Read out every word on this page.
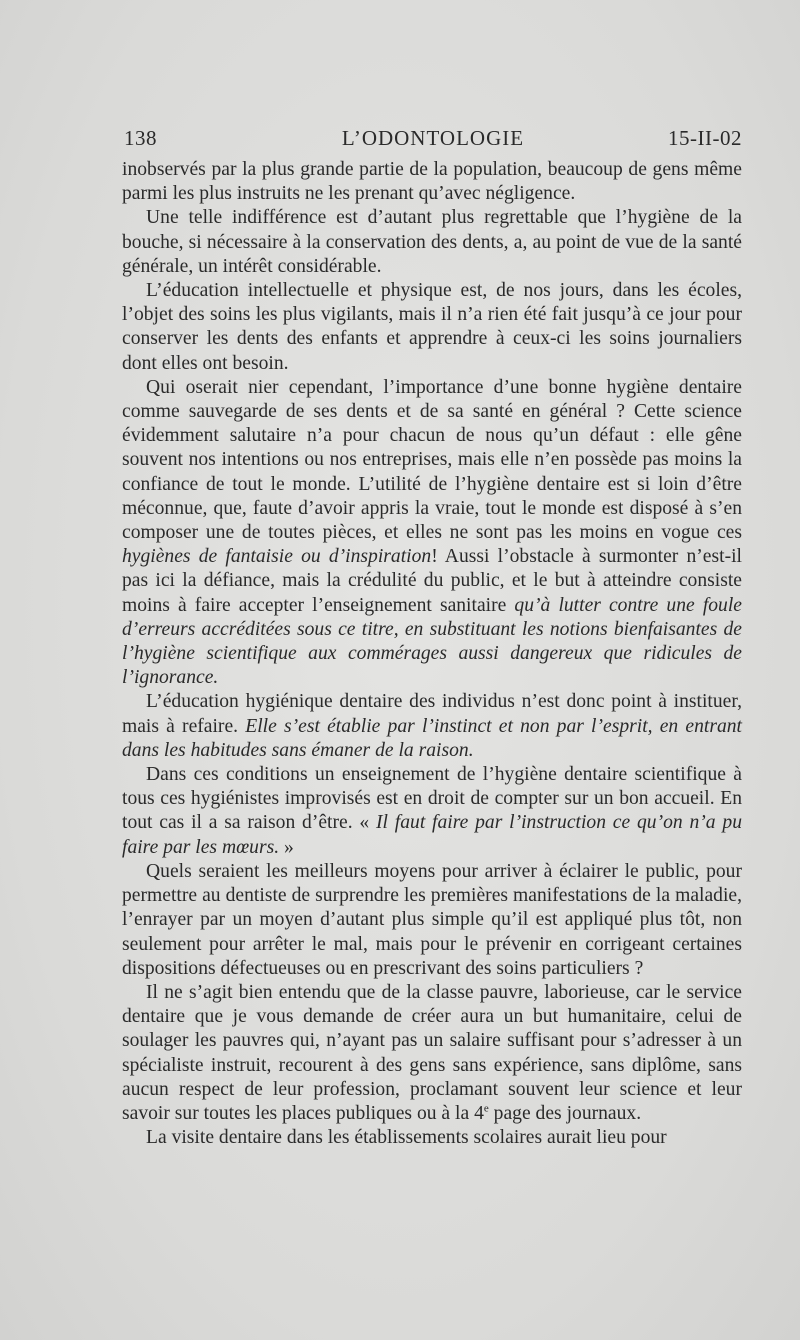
138	L’ODONTOLOGIE	15-II-02

inobservés par la plus grande partie de la population, beaucoup de gens même parmi les plus instruits ne les prenant qu’avec négligence.

Une telle indifférence est d’autant plus regrettable que l’hygiène de la bouche, si nécessaire à la conservation des dents, a, au point de vue de la santé générale, un intérêt considérable.

L’éducation intellectuelle et physique est, de nos jours, dans les écoles, l’objet des soins les plus vigilants, mais il n’a rien été fait jusqu’à ce jour pour conserver les dents des enfants et apprendre à ceux-ci les soins journaliers dont elles ont besoin.

Qui oserait nier cependant, l’importance d’une bonne hygiène dentaire comme sauvegarde de ses dents et de sa santé en général ? Cette science évidemment salutaire n’a pour chacun de nous qu’un défaut : elle gêne souvent nos intentions ou nos entreprises, mais elle n’en possède pas moins la confiance de tout le monde. L’utilité de l’hygiène dentaire est si loin d’être méconnue, que, faute d’avoir appris la vraie, tout le monde est disposé à s’en composer une de toutes pièces, et elles ne sont pas les moins en vogue ces hygiènes de fantaisie ou d’inspiration! Aussi l’obstacle à surmonter n’est-il pas ici la défiance, mais la crédulité du public, et le but à atteindre consiste moins à faire accepter l’enseignement sanitaire qu’à lutter contre une foule d’erreurs accréditées sous ce titre, en substituant les notions bienfaisantes de l’hygiène scientifique aux commérages aussi dangereux que ridicules de l’ignorance.

L’éducation hygiénique dentaire des individus n’est donc point à instituer, mais à refaire. Elle s’est établie par l’instinct et non par l’esprit, en entrant dans les habitudes sans émaner de la raison.

Dans ces conditions un enseignement de l’hygiène dentaire scientifique à tous ces hygiénistes improvisés est en droit de compter sur un bon accueil. En tout cas il a sa raison d’être. « Il faut faire par l’instruction ce qu’on n’a pu faire par les mœurs. »

Quels seraient les meilleurs moyens pour arriver à éclairer le public, pour permettre au dentiste de surprendre les premières manifestations de la maladie, l’enrayer par un moyen d’autant plus simple qu’il est appliqué plus tôt, non seulement pour arrêter le mal, mais pour le prévenir en corrigeant certaines dispositions défectueuses ou en prescrivant des soins particuliers ?

Il ne s’agit bien entendu que de la classe pauvre, laborieuse, car le service dentaire que je vous demande de créer aura un but humanitaire, celui de soulager les pauvres qui, n’ayant pas un salaire suffisant pour s’adresser à un spécialiste instruit, recourent à des gens sans expérience, sans diplôme, sans aucun respect de leur profession, proclamant souvent leur science et leur savoir sur toutes les places publiques ou à la 4e page des journaux.

La visite dentaire dans les établissements scolaires aurait lieu pour
